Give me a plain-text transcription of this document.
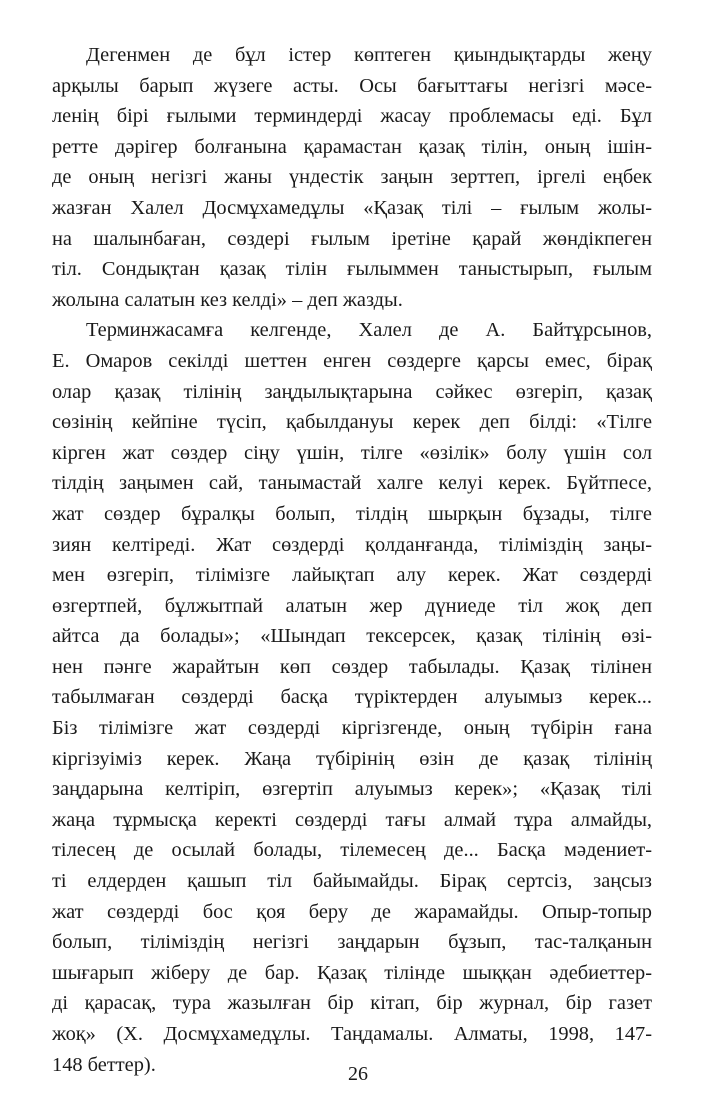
Дегенмен де бұл істер көптеген қиындықтарды жеңу
арқылы барып жүзеге асты. Осы бағыттағы негізгі мәсе-
ленің бірі ғылыми терминдерді жасау проблемасы еді. Бұл
ретте дәрігер болғанына қарамастан қазақ тілін, оның ішін-
де оның негізгі жаны үндестік заңын зерттеп, іргелі еңбек
жазған Халел Досмұхамедұлы «Қазақ тілі – ғылым жолы-
на шалынбаған, сөздері ғылым іретіне қарай жөндікпеген
тіл. Сондықтан қазақ тілін ғылыммен таныстырып, ғылым
жолына салатын кез келді» – деп жазды.
Терминжасамға келгенде, Халел де А. Байтұрсынов,
Е. Омаров секілді шеттен енген сөздерге қарсы емес, бірақ
олар қазақ тілінің заңдылықтарына сәйкес өзгеріп, қазақ
сөзінің кейпіне түсіп, қабылдануы керек деп білді: «Тілге
кірген жат сөздер сіңу үшін, тілге «өзілік» болу үшін сол
тілдің заңымен сай, танымастай халге келуі керек. Бүйтпесе,
жат сөздер бұралқы болып, тілдің шырқын бұзады, тілге
зиян келтіреді. Жат сөздерді қолданғанда, тіліміздің заңы-
мен өзгеріп, тілімізге лайықтап алу керек. Жат сөздерді
өзгертпей, бұлжытпай алатын жер дүниеде тіл жоқ деп
айтса да болады»; «Шындап тексерсек, қазақ тілінің өзі-
нен пәнге жарайтын көп сөздер табылады. Қазақ тілінен
табылмаған сөздерді басқа түріктерден алуымыз керек...
Біз тілімізге жат сөздерді кіргізгенде, оның түбірін ғана
кіргізуіміз керек. Жаңа түбірінің өзін де қазақ тілінің
заңдарына келтіріп, өзгертіп алуымыз керек»; «Қазақ тілі
жаңа тұрмысқа керекті сөздерді тағы алмай тұра алмайды,
тілесең де осылай болады, тілемесең де... Басқа мәдениет-
ті елдерден қашып тіл байымайды. Бірақ сертсіз, заңсыз
жат сөздерді бос қоя беру де жарамайды. Опыр-топыр
болып, тіліміздің негізгі заңдарын бұзып, тас-талқанын
шығарып жіберу де бар. Қазақ тілінде шыққан әдебиеттер-
ді қарасақ, тура жазылған бір кітап, бір журнал, бір газет
жоқ» (Х. Досмұхамедұлы. Таңдамалы. Алматы, 1998, 147-
148 беттер).	26
